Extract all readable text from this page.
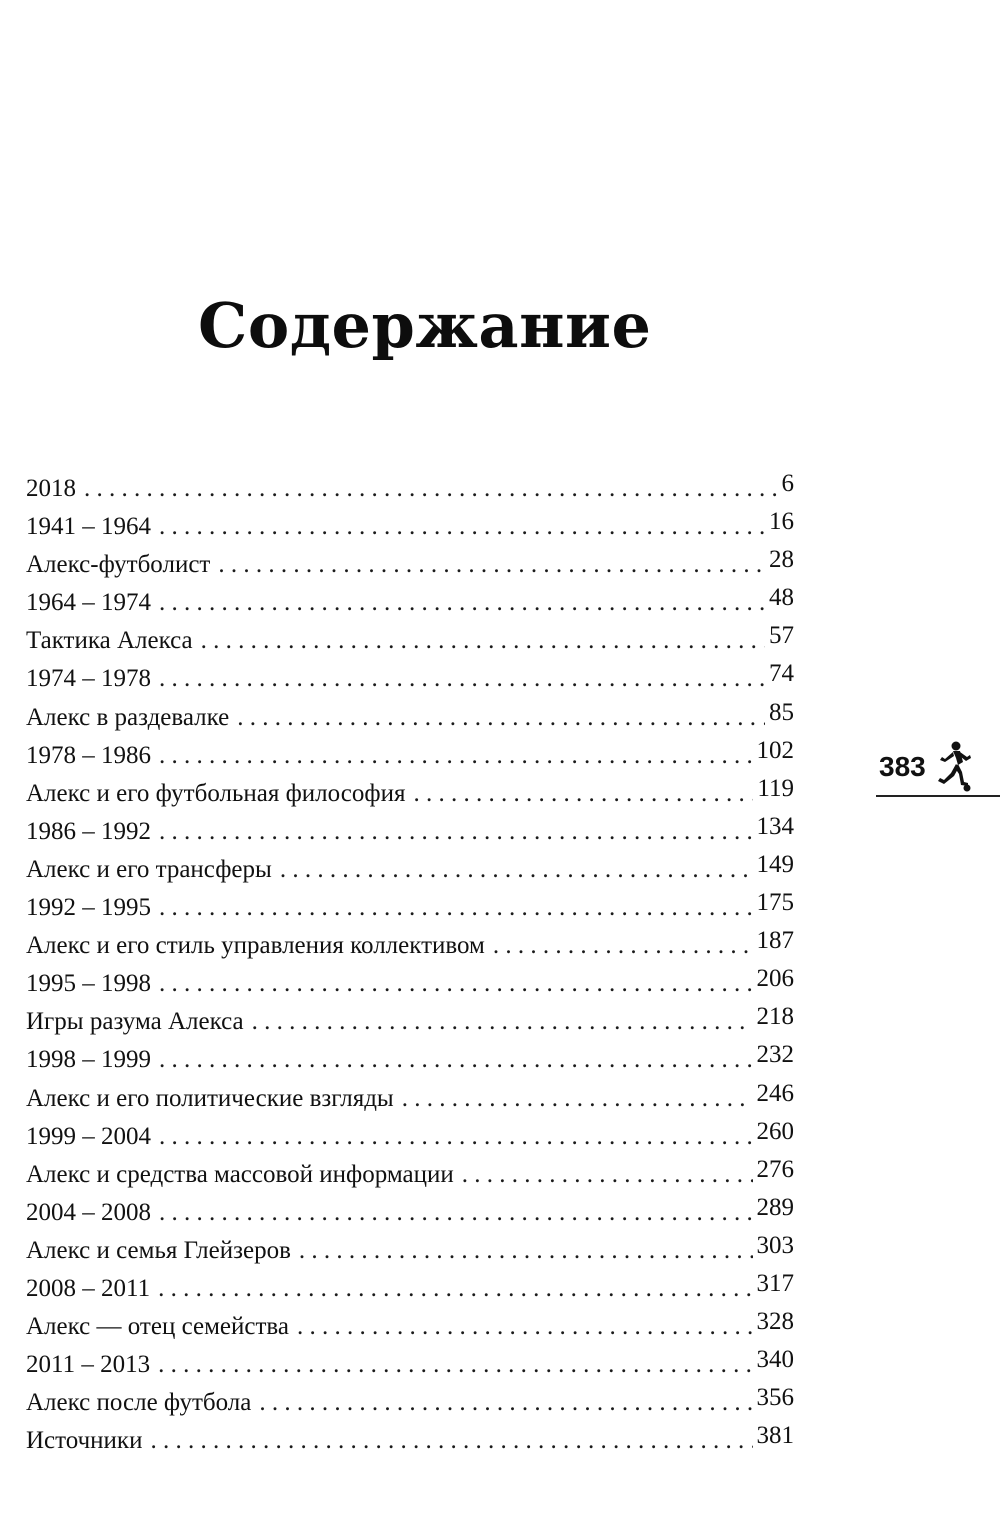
Содержание
2018 . . .	6
1941 – 1964 . . .	16
Алекс-футболист . . .	28
1964 – 1974 . . .	48
Тактика Алекса . . .	57
1974 – 1978 . . .	74
Алекс в раздевалке . . .	85
1978 – 1986 . . .	102
Алекс и его футбольная философия . . .	119
1986 – 1992 . . .	134
Алекс и его трансферы . . .	149
1992 – 1995 . . .	175
Алекс и его стиль управления коллективом . . .	187
1995 – 1998 . . .	206
Игры разума Алекса . . .	218
1998 – 1999 . . .	232
Алекс и его политические взгляды . . .	246
1999 – 2004 . . .	260
Алекс и средства массовой информации . . .	276
2004 – 2008 . . .	289
Алекс и семья Глейзеров . . .	303
2008 – 2011 . . .	317
Алекс — отец семейства . . .	328
2011 – 2013 . . .	340
Алекс после футбола . . .	356
Источники . . .	381
383
